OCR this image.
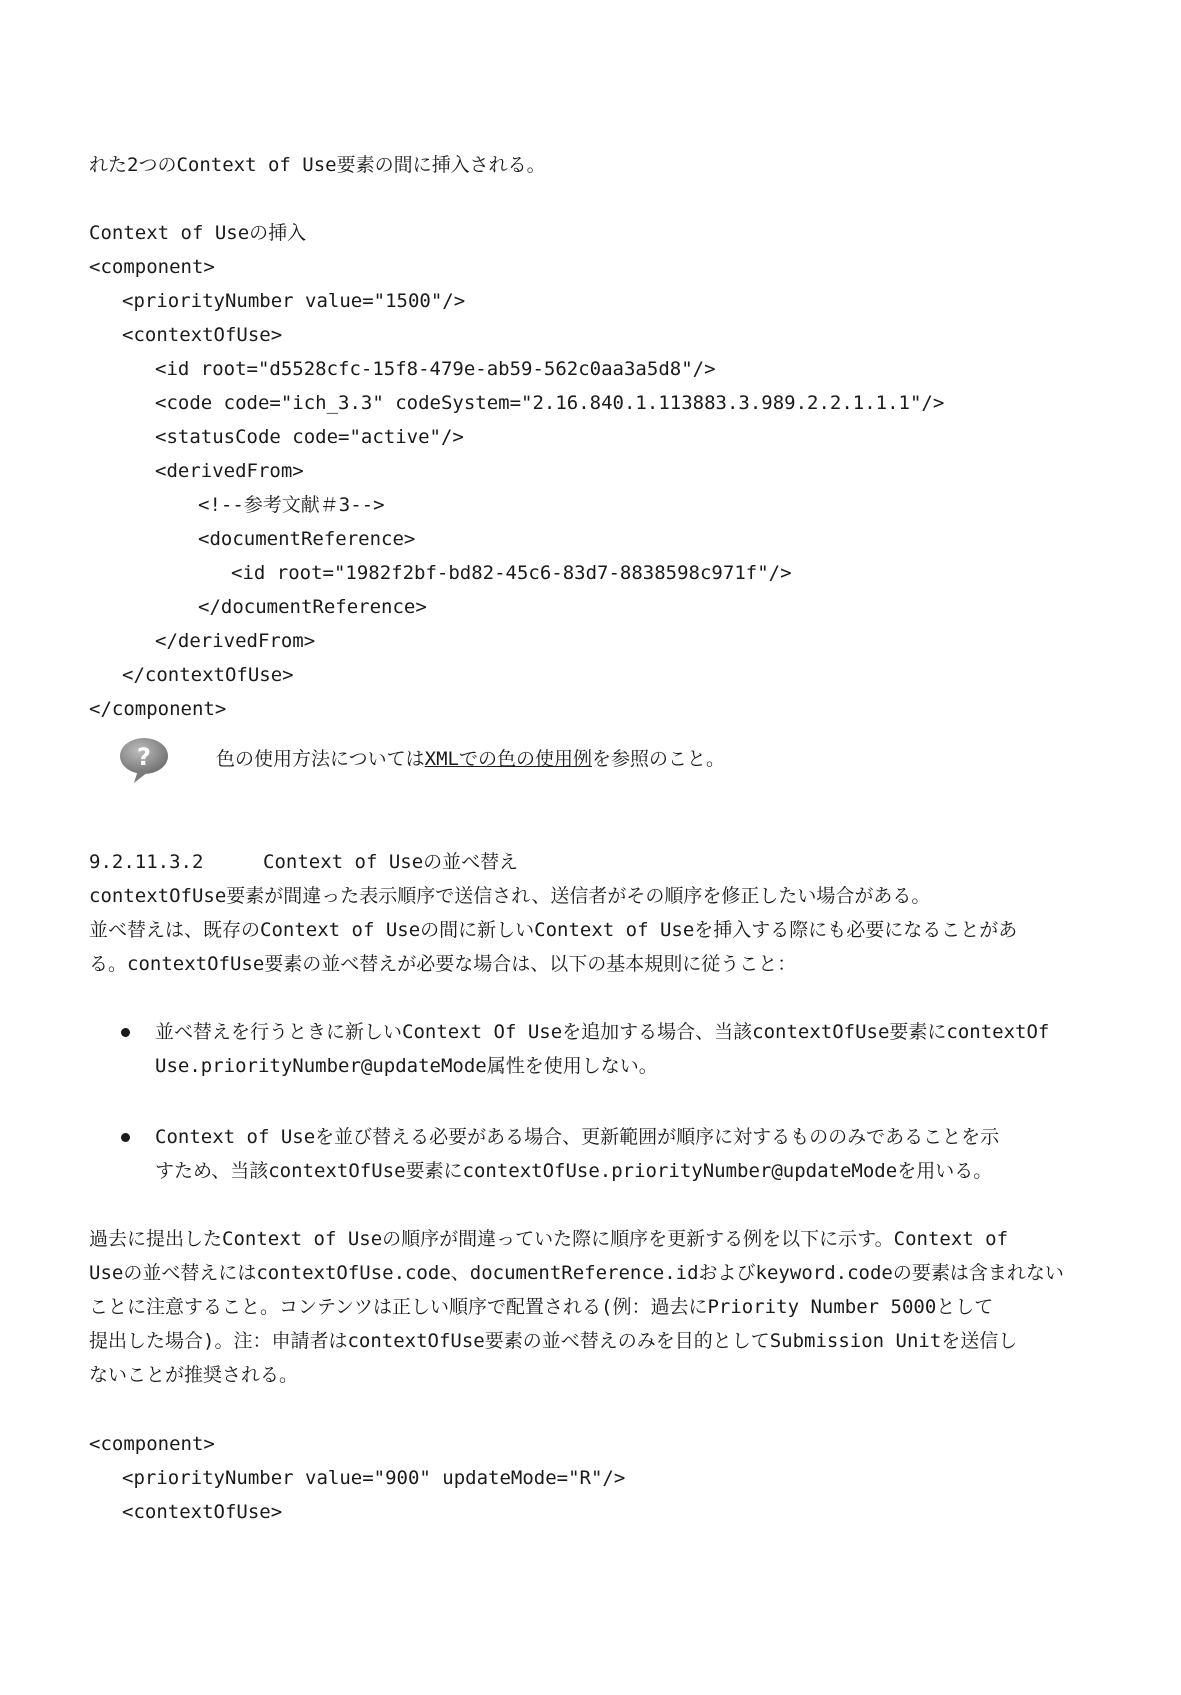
れた2つのContext of Use要素の間に挿入される。
Context of Useの挿入
<component>
<priorityNumber value="1500"/>
<contextOfUse>
<id root="d5528cfc-15f8-479e-ab59-562c0aa3a5d8"/>
<code code="ich_3.3" codeSystem="2.16.840.1.113883.3.989.2.2.1.1.1"/>
<statusCode code="active"/>
<derivedFrom>
<!--参考文献＃3-->
<documentReference>
<id root="1982f2bf-bd82-45c6-83d7-8838598c971f"/>
</documentReference>
</derivedFrom>
</contextOfUse>
</component>
?	色の使用方法についてはXMLでの色の使用例を参照のこと。
9.2.11.3.2	Context of Useの並べ替え
contextOfUse要素が間違った表示順序で送信され、送信者がその順序を修正したい場合がある。
並べ替えは、既存のContext of Useの間に新しいContext of Useを挿入する際にも必要になることがあ
る。contextOfUse要素の並べ替えが必要な場合は、以下の基本規則に従うこと：
並べ替えを行うときに新しいContext Of Useを追加する場合、当該contextOfUse要素にcontextOf
Use.priorityNumber@updateMode属性を使用しない。
Context of Useを並び替える必要がある場合、更新範囲が順序に対するもののみであることを示
すため、当該contextOfUse要素にcontextOfUse.priorityNumber@updateModeを用いる。
過去に提出したContext of Useの順序が間違っていた際に順序を更新する例を以下に示す。Context of
Useの並べ替えにはcontextOfUse.code、documentReference.idおよびkeyword.codeの要素は含まれない
ことに注意すること。コンテンツは正しい順序で配置される(例：過去にPriority Number 5000として
提出した場合)。注：申請者はcontextOfUse要素の並べ替えのみを目的としてSubmission Unitを送信し
ないことが推奨される。
<component>
<priorityNumber value="900" updateMode="R"/>
<contextOfUse>
